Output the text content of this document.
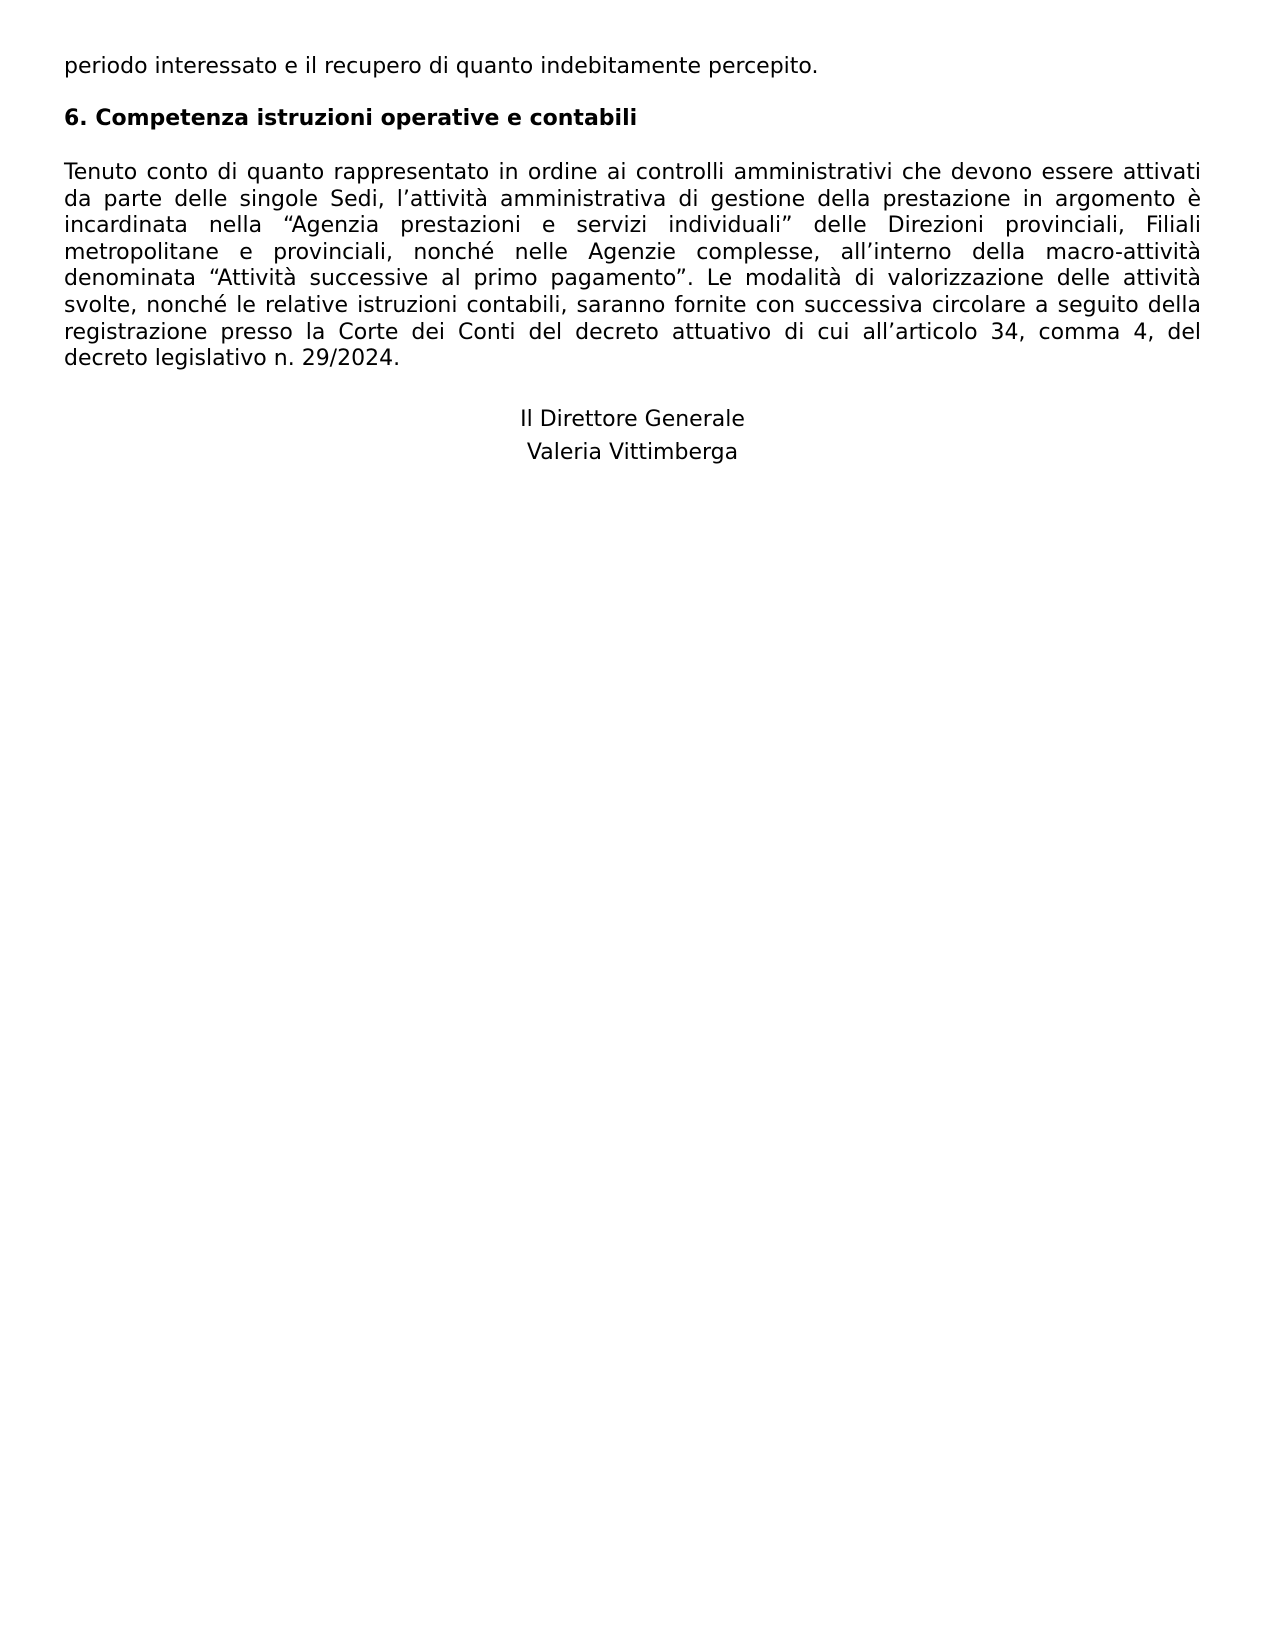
periodo interessato e il recupero di quanto indebitamente percepito.

6. Competenza istruzioni operative e contabili

Tenuto conto di quanto rappresentato in ordine ai controlli amministrativi che devono essere attivati da parte delle singole Sedi, l’attività amministrativa di gestione della prestazione in argomento è incardinata nella “Agenzia prestazioni e servizi individuali” delle Direzioni provinciali, Filiali metropolitane e provinciali, nonché nelle Agenzie complesse, all’interno della macro-attività denominata “Attività successive al primo pagamento”. Le modalità di valorizzazione delle attività svolte, nonché le relative istruzioni contabili, saranno fornite con successiva circolare a seguito della registrazione presso la Corte dei Conti del decreto attuativo di cui all’articolo 34, comma 4, del decreto legislativo n. 29/2024.

Il Direttore Generale
Valeria Vittimberga
